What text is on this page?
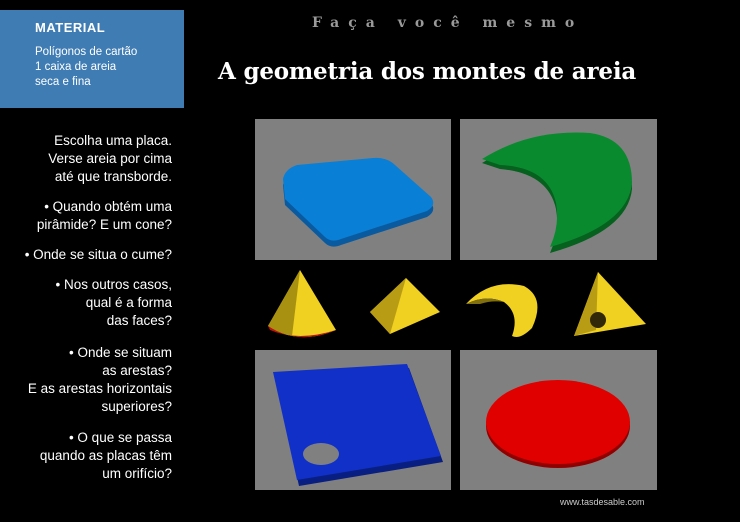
MATERIAL
Polígonos de cartão
1 caixa de areia
seca e fina
Escolha uma placa.
Verse areia por cima
até que transborde.
• Quando obtém uma
pirâmide? E um cone?
• Onde se situa o cume?
• Nos outros casos,
qual é a forma
das faces?
• Onde se situam
as arestas?
E as arestas horizontais
superiores?
• O que se passa
quando as placas têm
um orifício?
Faça você mesmo
A geometria dos montes de areia
www.tasdesable.com
